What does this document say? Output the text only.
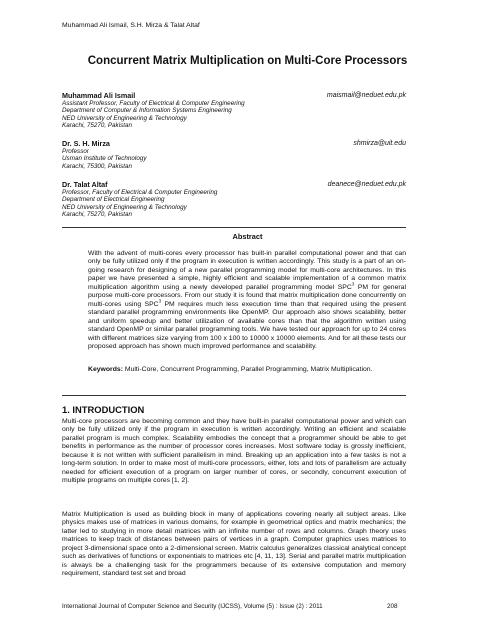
Muhammad Ali Ismail, S.H. Mirza & Talat Altaf
Concurrent Matrix Multiplication on Multi-Core Processors
Muhammad Ali Ismail	maismail@neduet.edu.pk
Assistant Professor, Faculty of Electrical & Computer Engineering
Department of Computer & Information Systems Engineering
NED University of Engineering & Technology
Karachi, 75270, Pakistan
Dr. S. H. Mirza	shmirza@uit.edu
Professor
Usman Institute of Technology
Karachi, 75300, Pakistan
Dr. Talat Altaf	deanece@neduet.edu.pk
Professor, Faculty of Electrical & Computer Engineering
Department of Electrical Engineering
NED University of Engineering & Technology
Karachi, 75270, Pakistan
Abstract
With the advent of multi-cores every processor has built-in parallel computational power and that can only be fully utilized only if the program in execution is written accordingly. This study is a part of an on-going research for designing of a new parallel programming model for multi-core architectures. In this paper we have presented a simple, highly efficient and scalable implementation of a common matrix multiplication algorithm using a newly developed parallel programming model SPC$^3$ PM for general purpose multi-core processors. From our study it is found that matrix multiplication done concurrently on multi-cores using SPC$^3$ PM requires much less execution time than that required using the present standard parallel programming environments like OpenMP. Our approach also shows scalability, better and uniform speedup and better utilization of available cores than that the algorithm written using standard OpenMP or similar parallel programming tools. We have tested our approach for up to 24 cores with different matrices size varying from 100 x 100 to 10000 x 10000 elements. And for all these tests our proposed approach has shown much improved performance and scalability.
Keywords: Multi-Core, Concurrent Programming, Parallel Programming, Matrix Multiplication.
1. INTRODUCTION
Multi-core processors are becoming common and they have built-in parallel computational power and which can only be fully utilized only if the program in execution is written accordingly. Writing an efficient and scalable parallel program is much complex. Scalability embodies the concept that a programmer should be able to get benefits in performance as the number of processor cores increases. Most software today is grossly inefficient, because it is not written with sufficient parallelism in mind. Breaking up an application into a few tasks is not a long-term solution. In order to make most of multi-core processors, either, lots and lots of parallelism are actually needed for efficient execution of a program on larger number of cores, or secondly, concurrent execution of multiple programs on multiple cores [1, 2].
Matrix Multiplication is used as building block in many of applications covering nearly all subject areas. Like physics makes use of matrices in various domains, for example in geometrical optics and matrix mechanics; the latter led to studying in more detail matrices with an infinite number of rows and columns. Graph theory uses matrices to keep track of distances between pairs of vertices in a graph. Computer graphics uses matrices to project 3-dimensional space onto a 2-dimensional screen. Matrix calculus generalizes classical analytical concept such as derivatives of functions or exponentials to matrices etc [4, 11, 13]. Serial and parallel matrix multiplication is always be a challenging task for the programmers because of its extensive computation and memory requirement, standard test set and broad
International Journal of Computer Science and Security (IJCSS), Volume (5) : Issue (2) : 2011	208
